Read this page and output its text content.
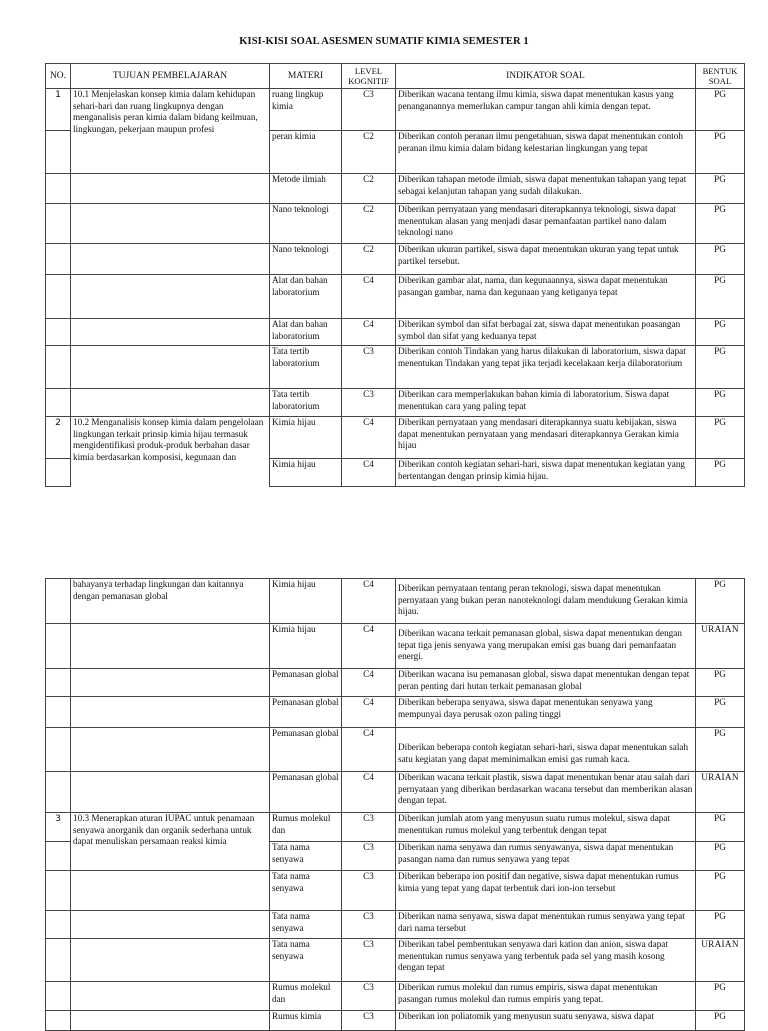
KISI-KISI SOAL ASESMEN SUMATIF KIMIA SEMESTER 1
NO.	TUJUAN PEMBELAJARAN	MATERI	LEVEL KOGNITIF	INDIKATOR SOAL	BENTUK SOAL
1	10.1 Menjelaskan konsep kimia dalam kehidupan sehari-hari dan ruang lingkupnya dengan menganalisis peran kimia dalam bidang keilmuan, lingkungan, pekerjaan maupun profesi	ruang lingkup kimia	C3	Diberikan wacana tentang ilmu kimia, siswa dapat menentukan kasus yang penanganannya memerlukan campur tangan ahli kimia dengan tepat.	PG
		peran kimia	C2	Diberikan contoh peranan ilmu pengetahuan, siswa dapat menentukan contoh peranan ilmu kimia dalam bidang kelestarian lingkungan yang tepat	PG
		Metode ilmiah	C2	Diberikan tahapan metode ilmiah, siswa dapat menentukan tahapan yang tepat sebagai kelanjutan tahapan yang sudah dilakukan.	PG
		Nano teknologi	C2	Diberikan pernyataan yang mendasari diterapkannya teknologi, siswa dapat menentukan alasan yang menjadi dasar pemanfaatan partikel nano dalam teknologi nano	PG
		Nano teknologi	C2	Diberikan ukuran partikel, siswa dapat menentukan ukuran yang tepat untuk partikel tersebut.	PG
		Alat dan bahan laboratorium	C4	Diberikan gambar alat, nama, dan kegunaannya, siswa dapat menentukan pasangan gambar, nama dan kegunaan yang ketiganya tepat	PG
		Alat dan bahan laboratorium	C4	Diberikan symbol dan sifat berbagai zat, siswa dapat menentukan poasangan symbol dan sifat yang keduanya tepat	PG
		Tata tertib laboratorium	C3	Diberikan contoh Tindakan yang harus dilakukan di laboratorium, siswa dapat menentukan Tindakan yang tepat jika terjadi kecelakaan kerja dilaboratorium	PG
		Tata tertib laboratorium	C3	Diberikan cara memperlakukan bahan kimia di laboratorium. Siswa dapat menentukan cara yang paling tepat	PG
2	10.2 Menganalisis konsep kimia dalam pengelolaan lingkungan terkait prinsip kimia hijau termasuk mengidentifikasi produk-produk berbahan dasar kimia berdasarkan komposisi, kegunaan dan	Kimia hijau	C4	Diberikan pernyataan yang mendasari diterapkannya suatu kebijakan, siswa dapat menentukan pernyataan yang mendasari diterapkannya Gerakan kimia hijau	PG
		Kimia hijau	C4	Diberikan contoh kegiatan sehari-hari, siswa dapat menentukan kegiatan yang bertentangan dengan prinsip kimia hijau.	PG
	bahayanya terhadap lingkungan dan kaitannya dengan pemanasan global	Kimia hijau	C4	Diberikan pernyataan tentang peran teknologi, siswa dapat menentukan pernyataan yang bukan peran nanoteknologi dalam mendukung Gerakan kimia hijau.	PG
		Kimia hijau	C4	Diberikan wacana terkait pemanasan global, siswa dapat menentukan dengan tepat tiga jenis senyawa yang merupakan emisi gas buang dari pemanfaatan energi.	URAIAN
		Pemanasan global	C4	Diberikan wacana isu pemanasan global, siswa dapat menentukan dengan tepat peran penting dari hutan terkait pemanasan global	PG
		Pemanasan global	C4	Diberikan beberapa senyawa, siswa dapat menentukan senyawa yang mempunyai daya perusak ozon paling tinggi	PG
		Pemanasan global	C4	Diberikan beberapa contoh kegiatan sehari-hari, siswa dapat menentukan salah satu kegiatan yang dapat meminimalkan emisi gas rumah kaca.	PG
		Pemanasan global	C4	Diberikan wacana terkait plastik, siswa dapat menentukan benar atau salah dari pernyataan yang diberikan berdasarkan wacana tersebut dan memberikan alasan dengan tepat.	URAIAN
3	10.3 Menerapkan aturan IUPAC untuk penamaan senyawa anorganik dan organik sederhana untuk dapat menuliskan persamaan reaksi kimia	Rumus molekul dan	C3	Diberikan jumlah atom yang menyusun suatu rumus molekul, siswa dapat menentukan rumus molekul yang terbentuk dengan tepat	PG
		Tata nama senyawa	C3	Diberikan nama senyawa dan rumus senyawanya, siswa dapat menentukan pasangan nama dan rumus senyawa yang tepat	PG
		Tata nama senyawa	C3	Diberikan beberapa ion positif dan negative, siswa dapat menentukan rumus kimia yang tepat yang dapat terbentuk dari ion-ion tersebut	PG
		Tata nama senyawa	C3	Diberikan nama senyawa, siswa dapat menentukan rumus senyawa yang tepat dari nama tersebut	PG
		Tata nama senyawa	C3	Diberikan tabel pembentukan senyawa dari kation dan anion, siswa dapat menentukan rumus senyawa yang terbentuk pada sel yang masih kosong dengan tepat	URAIAN
		Rumus molekul dan	C3	Diberikan rumus molekul dan rumus empiris, siswa dapat menentukan pasangan rumus molekul dan rumus empiris yang tepat.	PG
		Rumus kimia	C3	Diberikan ion poliatomik yang menyusun suatu senyawa, siswa dapat	PG
